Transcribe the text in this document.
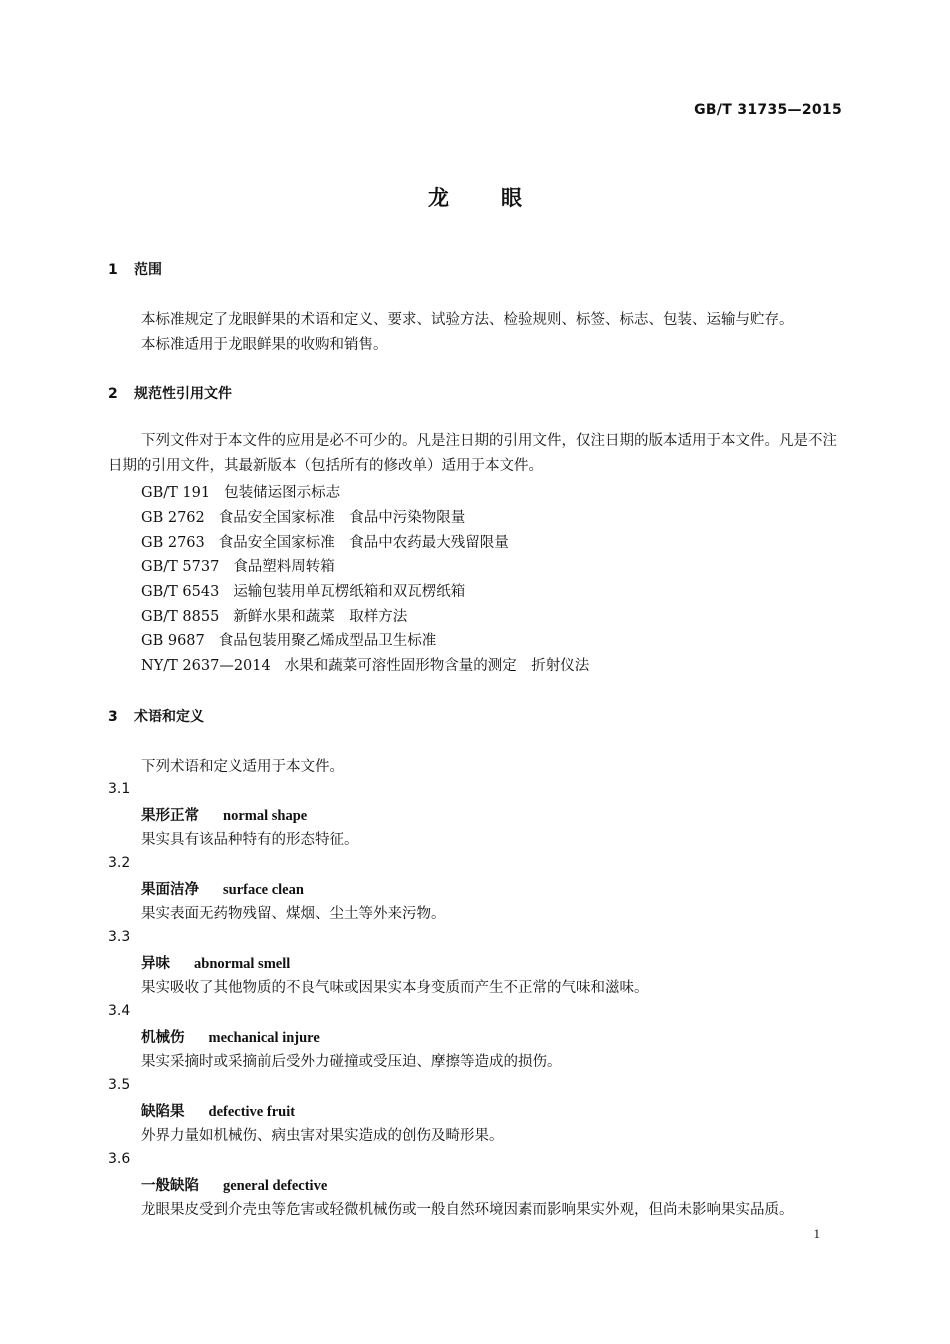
GB/T 31735—2015
龙 眼
1 范围
本标准规定了龙眼鲜果的术语和定义、要求、试验方法、检验规则、标签、标志、包装、运输与贮存。
本标准适用于龙眼鲜果的收购和销售。
2 规范性引用文件
下列文件对于本文件的应用是必不可少的。凡是注日期的引用文件，仅注日期的版本适用于本文件。凡是不注日期的引用文件，其最新版本（包括所有的修改单）适用于本文件。
GB/T 191 包装储运图示标志
GB 2762 食品安全国家标准　食品中污染物限量
GB 2763 食品安全国家标准　食品中农药最大残留限量
GB/T 5737 食品塑料周转箱
GB/T 6543 运输包装用单瓦楞纸箱和双瓦楞纸箱
GB/T 8855 新鲜水果和蔬菜　取样方法
GB 9687 食品包装用聚乙烯成型品卫生标准
NY/T 2637—2014 水果和蔬菜可溶性固形物含量的测定　折射仪法
3 术语和定义
下列术语和定义适用于本文件。
3.1
果形正常 normal shape
果实具有该品种特有的形态特征。
3.2
果面洁净 surface clean
果实表面无药物残留、煤烟、尘土等外来污物。
3.3
异味 abnormal smell
果实吸收了其他物质的不良气味或因果实本身变质而产生不正常的气味和滋味。
3.4
机械伤 mechanical injure
果实采摘时或采摘前后受外力碰撞或受压迫、摩擦等造成的损伤。
3.5
缺陷果 defective fruit
外界力量如机械伤、病虫害对果实造成的创伤及畸形果。
3.6
一般缺陷 general defective
龙眼果皮受到介壳虫等危害或轻微机械伤或一般自然环境因素而影响果实外观，但尚未影响果实品质。
1
